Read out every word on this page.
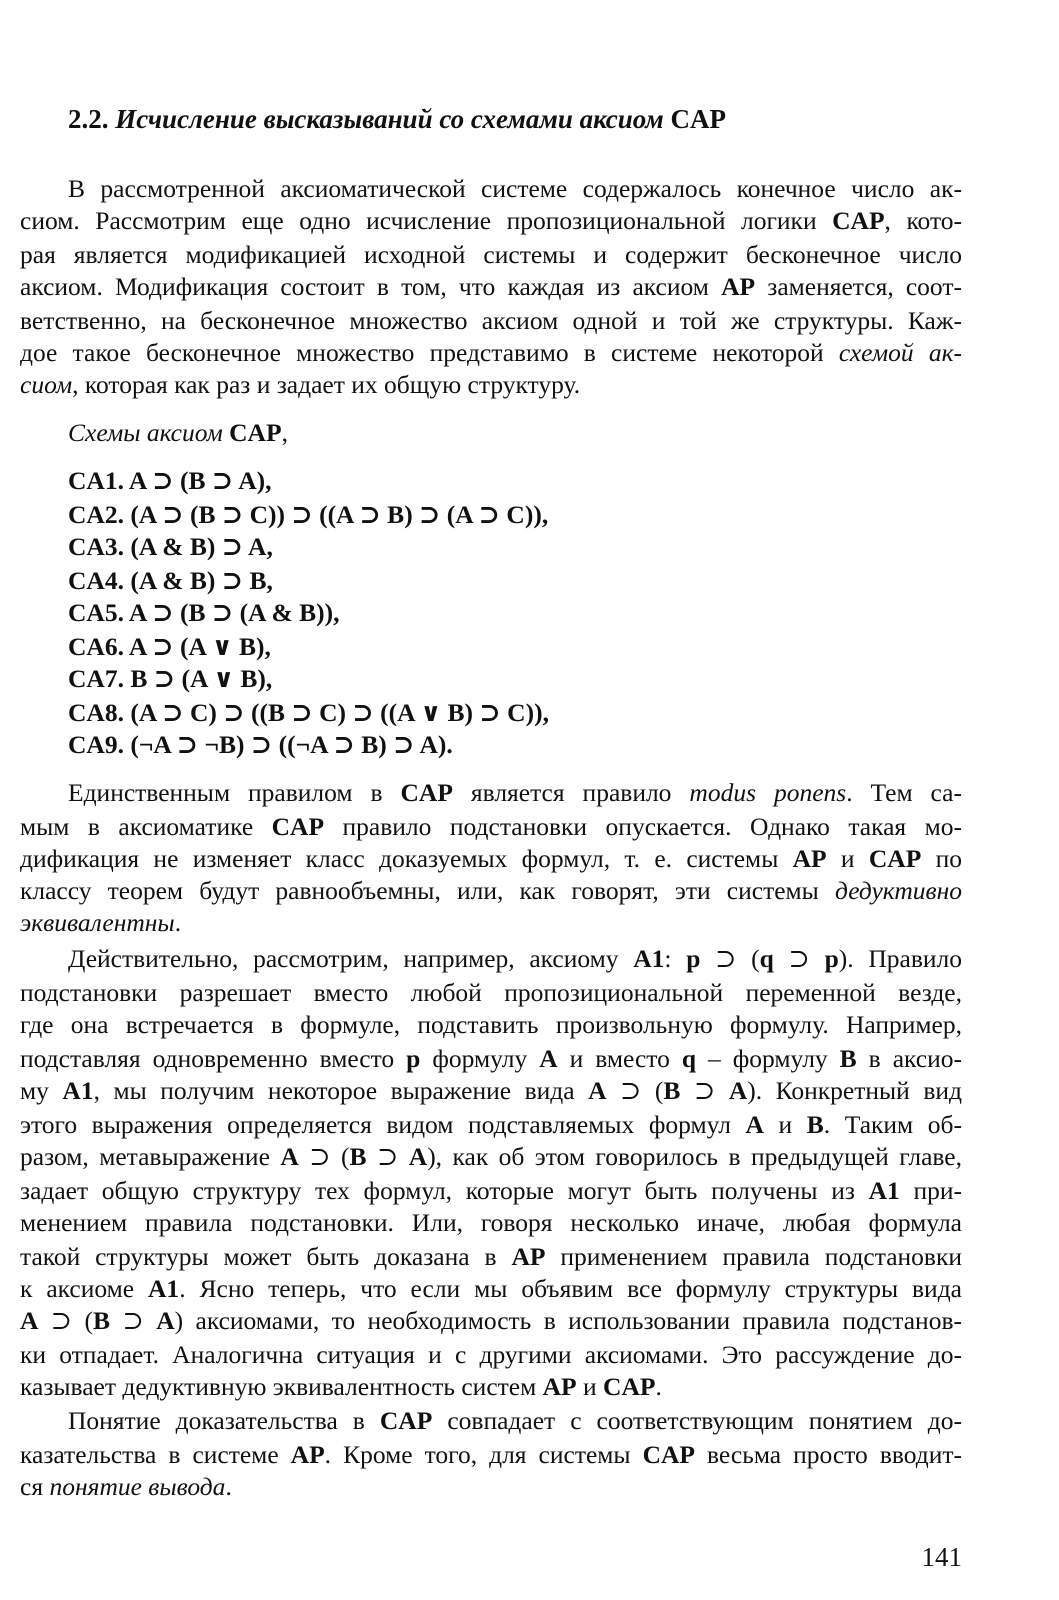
2.2. Исчисление высказываний со схемами аксиом CAP
В рассмотренной аксиоматической системе содержалось конечное число ак-
сиом. Рассмотрим еще одно исчисление пропозициональной логики CAP, кото-
рая является модификацией исходной системы и содержит бесконечное число
аксиом. Модификация состоит в том, что каждая из аксиом AP заменяется, соот-
ветственно, на бесконечное множество аксиом одной и той же структуры. Каж-
дое такое бесконечное множество представимо в системе некоторой схемой ак-
сиом, которая как раз и задает их общую структуру.
Схемы аксиом CAP,
CA1. A ⊃ (B ⊃ A),
CA2. (A ⊃ (B ⊃ C)) ⊃ ((A ⊃ B) ⊃ (A ⊃ C)),
CA3. (A & B) ⊃ A,
CA4. (A & B) ⊃ B,
CA5. A ⊃ (B ⊃ (A & B)),
CA6. A ⊃ (A ∨ B),
CA7. B ⊃ (A ∨ B),
CA8. (A ⊃ C) ⊃ ((B ⊃ C) ⊃ ((A ∨ B) ⊃ C)),
CA9. (¬A ⊃ ¬B) ⊃ ((¬A ⊃ B) ⊃ A).
Единственным правилом в CAP является правило modus ponens. Тем са-
мым в аксиоматике CAP правило подстановки опускается. Однако такая мо-
дификация не изменяет класс доказуемых формул, т. е. системы AP и CAP по
классу теорем будут равнообъемны, или, как говорят, эти системы дедуктивно
эквивалентны.
Действительно, рассмотрим, например, аксиому A1: p ⊃ (q ⊃ p). Правило
подстановки разрешает вместо любой пропозициональной переменной везде,
где она встречается в формуле, подставить произвольную формулу. Например,
подставляя одновременно вместо p формулу A и вместо q – формулу B в аксио-
му A1, мы получим некоторое выражение вида A ⊃ (B ⊃ A). Конкретный вид
этого выражения определяется видом подставляемых формул A и B. Таким об-
разом, метавыражение A ⊃ (B ⊃ A), как об этом говорилось в предыдущей главе,
задает общую структуру тех формул, которые могут быть получены из A1 при-
менением правила подстановки. Или, говоря несколько иначе, любая формула
такой структуры может быть доказана в AP применением правила подстановки
к аксиоме A1. Ясно теперь, что если мы объявим все формулу структуры вида
A ⊃ (B ⊃ A) аксиомами, то необходимость в использовании правила подстанов-
ки отпадает. Аналогична ситуация и с другими аксиомами. Это рассуждение до-
казывает дедуктивную эквивалентность систем AP и CAP.
Понятие доказательства в CAP совпадает с соответствующим понятием до-
казательства в системе AP. Кроме того, для системы CAP весьма просто вводит-
ся понятие вывода.
141
